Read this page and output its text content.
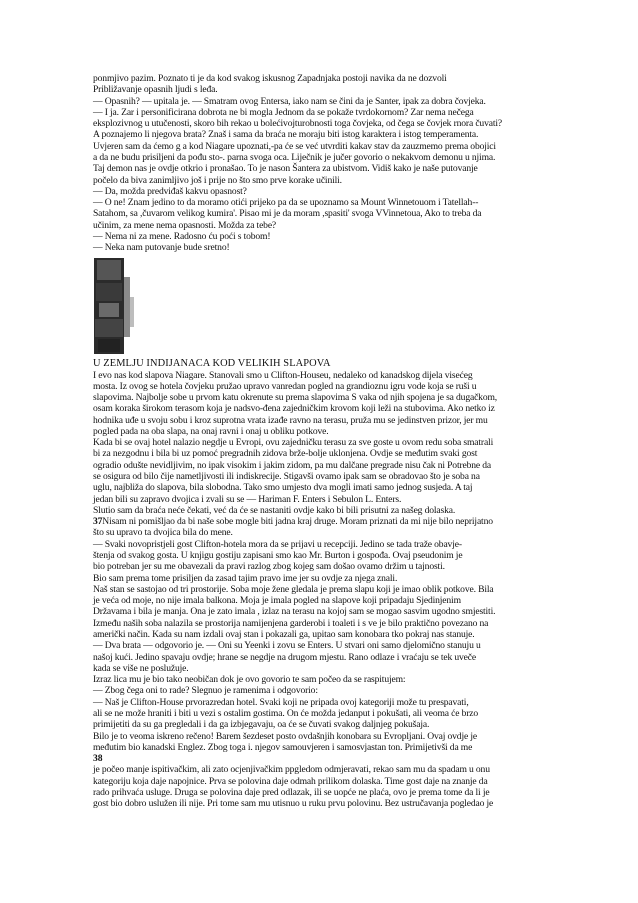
ponmjivo pazim. Poznato ti je da kod svakog iskusnog Zapadnjaka postoji navika da ne dozvoli

Približavanje opasnih ljudi s leđa.

— Opasnih? — upitala je. — Smatram ovog Entersa, iako nam se čini da je Santer, ipak za dobra čovjeka.

— I ja. Zar i personificirana dobrota ne bi mogla Jednom da se pokaže tvrdokornom? Zar nema nečega

eksplozivnog u utučenosti, skoro bih rekao u bolećivojturobnosti toga čovjeka, od čega se čovjek rnora čuvati?

A poznajemo li njegova brata? Znaš i sama da braća ne moraju biti istog karaktera i istog temperamenta.

Uvjeren sam da ćemo g a kod Niagare upoznati,-pa će se već utvrditi kakav stav da zauzmemo prema obojici

a da ne budu prisiljeni da pođu sto-. parna svoga oca. Liječnik je jučer govorio o nekakvom demonu u njima.

Taj demon nas je ovdje otkrio i pronašao. To je nason Šantera za ubistvom. Vidiš kako je naše putovanje

počelo da biva zanimljivo još i prije no što smo prve korake učinili.

— Da, možda predviđaš kakvu opasnost?

— O ne! Znam jedino to da moramo otići prijeko pa da se upoznamo sa Mount Winnetouom i Tatellah--

Satahom, sa ,čuvarom velikog kumira'. Pisao mi je da moram ,spasiti' svoga VVinnetoua, Ako to treba da

učinim, za mene nema opasnosti. Možda za tebe?

— Nema ni za mene. Radosno ću poći s tobom!

— Neka nam putovanje bude sretno!

U ZEMLJU INDIJANACA KOD VELIKIH SLAPOVA

I evo nas kod slapova Niagare. Stanovali smo u Clifton-Houseu, nedaleko od kanadskog dijela visećeg

mosta. Iz ovog se hotela čovjeku pružao upravo vanredan pogled na grandioznu igru vode koja se ruši u

slapovima. Najbolje sobe u prvom katu okrenute su prema slapovima S vaka od njih spojena je sa dugačkom,

osam koraka širokom terasom koja je nadsvo-đena zajedničkim krovom koji leži na stubovima. Ako netko iz

hodnika uđe u svoju sobu i kroz suprotna vrata izađe ravno na terasu, pruža mu se jedinstven prizor, jer mu

pogled pada na oba slapa, na onaj ravni i onaj u obliku potkove.

Kada bi se ovaj hotel nalazio negdje u Evropi, ovu zajedničku terasu za sve goste u ovom redu soba smatrali

bi za nezgodnu i bila bi uz pomoć pregradnih zidova brže-bolje uklonjena. Ovdje se međutim svaki gost

ogradio odušte nevidljivim, no ipak visokim i jakim zidom, pa mu dalčane pregrade nisu čak ni Potrebne da

se osigura od bilo čije nametljivosti ili indiskrecije. Stigavši ovamo ipak sam se obradovao što je soba na

uglu, najbliža do slapova, bila slobodna. Tako smo umjesto dva mogli imati samo jednog susjeda. A taj

jedan bili su zapravo dvojica i zvali su se — Hariman F. Enters i Sebulon L. Enters.

Slutio sam da braća neće čekati, već da će se nastaniti ovdje kako bi bili prisutni za našeg dolaska.

37Nisam ni pomišljao da bi naše sobe mogle biti jadna kraj druge. Moram priznati da mi nije bilo neprijatno

što su upravo ta dvojica bila do mene.

— Svaki novopristjeli gost Clifton-hotela mora da se prijavi u recepciji. Jedino se tada traže obavje-

štenja od svakog gosta. U knjigu gostiju zapisani smo kao Mr. Burton i gospođa. Ovaj pseudonim je

bio potreban jer su me obavezali da pravi razlog zbog kojeg sam došao ovamo držim u tajnosti.

Bio sam prema tome prisiljen da zasad tajim pravo ime jer su ovdje za njega znali.

Naš stan se sastojao od tri prostorije. Soba moje žene gledala je prema slapu koji je imao oblik potkove. Bila

je veća od moje, no nije imala balkona. Moja je imala pogled na slapove koji pripadaju Sjedinjenim

Državama i bila je manja. Ona je zato imala , izlaz na terasu na kojoj sam se mogao sasvim ugodno smjestiti.

Između naših soba nalazila se prostorija namijenjena garderobi i toaleti i s ve je bilo praktično povezano na

američki način. Kada su nam izdali ovaj stan i pokazali ga, upitao sam konobara tko pokraj nas stanuje.

— Dva brata — odgovorio je. — Oni su Yeenki i zovu se Enters. U stvari oni samo djelomično stanuju u

našoj kući. Jedino spavaju ovdje; hrane se negdje na drugom mjestu. Rano odlaze i vraćaju se tek uveče

kada se više ne poslužuje.

Izraz lica mu je bio tako neobičan dok je ovo govorio te sam počeo da se raspitujem:

— Zbog čega oni to rade? Slegnuo je ramenima i odgovorio:

— Naš je Clifton-House prvorazredan hotel. Svaki koji ne pripada ovoj kategoriji može tu prespavati,

ali se ne može hraniti i biti u vezi s ostalim gostima. On će možda jedanput i pokušati, ali veoma će brzo

primijetiti da su ga pregledali i da ga izbjegavaju, oa će se čuvati svakog daljnjeg pokušaja.

Bilo je to veoma iskreno rečeno! Barem šezdeset posto ovdašnjih konobara su Evropljani. Ovaj ovdje je

međutim bio kanadski Englez. Zbog toga i. njegov samouvjeren i samosvjastan ton. Primijetivši da me

38

je počeo manje ispitivačkim, ali zato ocjenjivačkim ppgledom odmjeravati, rekao sam mu da spadam u onu

kategoriju koja daje napojnice. Prva se polovina daje odmah prilikom dolaska. Time gost daje na znanje da

rado prihvaća usluge. Druga se polovina daje pred odlazak, ili se uopće ne plaća, ovo je prema tome da li je

gost bio dobro uslužen ili nije. Pri tome sam mu utisnuo u ruku prvu polovinu. Bez ustručavanja pogledao je
